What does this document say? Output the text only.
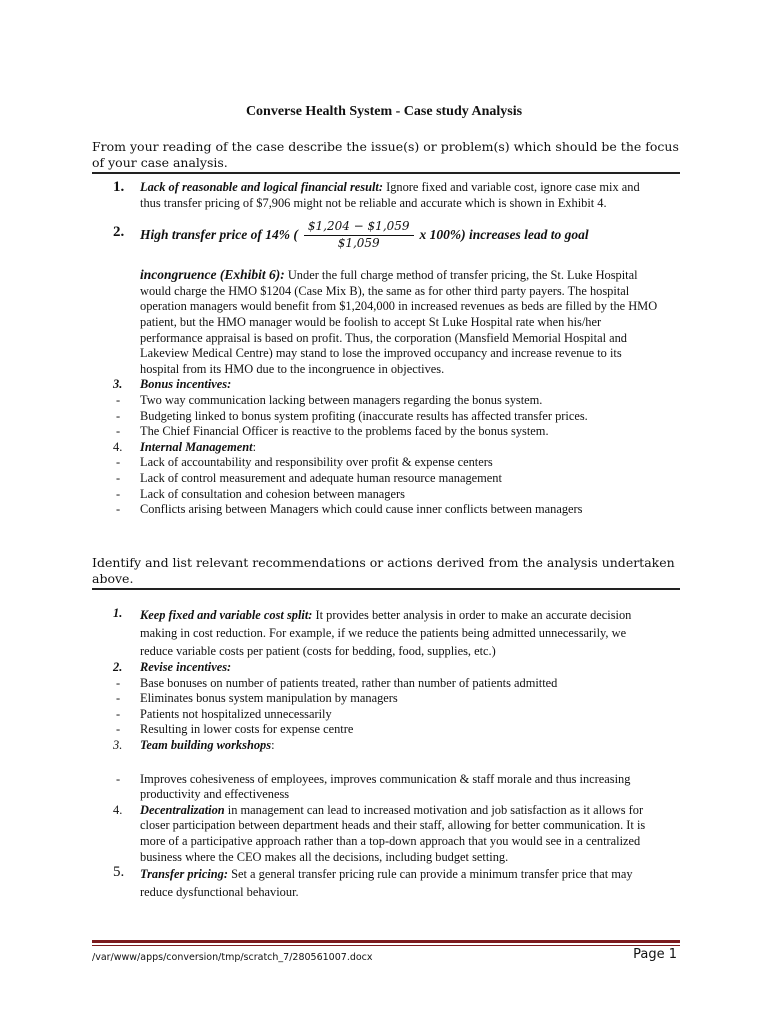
Converse Health System - Case study Analysis
From your reading of the case describe the issue(s) or problem(s) which should be the focus of your case analysis.
1.	Lack of reasonable and logical financial result: Ignore fixed and variable cost, ignore case mix and thus transfer pricing of $7,906 might not be reliable and accurate which is shown in Exhibit 4.
2.	High transfer price of 14% ( $\frac{\$1,204 - \$1,059}{\$1,059}$ x 100%) increases lead to goal
incongruence (Exhibit 6): Under the full charge method of transfer pricing, the St. Luke Hospital would charge the HMO $1204 (Case Mix B), the same as for other third party payers. The hospital operation managers would benefit from $1,204,000 in increased revenues as beds are filled by the HMO patient, but the HMO manager would be foolish to accept St Luke Hospital rate when his/her performance appraisal is based on profit. Thus, the corporation (Mansfield Memorial Hospital and Lakeview Medical Centre) may stand to lose the improved occupancy and increase revenue to its hospital from its HMO due to the incongruence in objectives.
3.	Bonus incentives:
-	Two way communication lacking between managers regarding the bonus system.
-	Budgeting linked to bonus system profiting (inaccurate results has affected transfer prices.
-	The Chief Financial Officer is reactive to the problems faced by the bonus system.
4.	Internal Management:
-	Lack of accountability and responsibility over profit & expense centers
-	Lack of control measurement and adequate human resource management
-	Lack of consultation and cohesion between managers
-	Conflicts arising between Managers which could cause inner conflicts between managers
Identify and list relevant recommendations or actions derived from the analysis undertaken above.
1.	Keep fixed and variable cost split: It provides better analysis in order to make an accurate decision making in cost reduction. For example, if we reduce the patients being admitted unnecessarily, we reduce variable costs per patient (costs for bedding, food, supplies, etc.)
2.	Revise incentives:
-	Base bonuses on number of patients treated, rather than number of patients admitted
-	Eliminates bonus system manipulation by managers
-	Patients not hospitalized unnecessarily
-	Resulting in lower costs for expense centre
3.	Team building workshops:
-	Improves cohesiveness of employees, improves communication & staff morale and thus increasing productivity and effectiveness
4.	Decentralization in management can lead to increased motivation and job satisfaction as it allows for closer participation between department heads and their staff, allowing for better communication. It is more of a participative approach rather than a top-down approach that you would see in a centralized business where the CEO makes all the decisions, including budget setting.
5.	Transfer pricing: Set a general transfer pricing rule can provide a minimum transfer price that may reduce dysfunctional behaviour.
/var/www/apps/conversion/tmp/scratch_7/280561007.docx	Page 1
